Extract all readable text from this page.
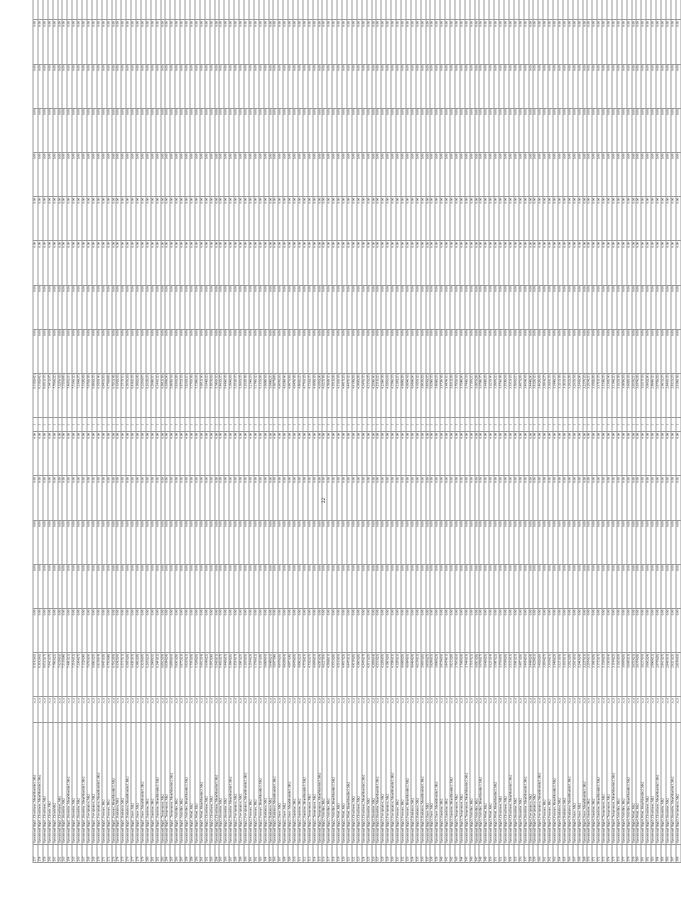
257	Operational High1_Cloudiness_MeanMonthly3_Mk2	.x_x	8.3182(42)	0.00	0.00	0.00	0.00	0.00	1	8.3182(42)	0.00	0.00	0.00	0.00	0.00	0.00	0.00	0.00	
258	Operational High1_Cloudiness_MeanMonthly3_Mk2	.x_x	8.3182(42)	0.00	0.00	0.00	0.00	0.00	1	8.3182(42)	0.00	0.00	0.00	0.00	0.00	0.00	0.00	0.00	
259	Operational High1_Cloudiness_Mk2	.x_x	8.0512(17)	0.00	0.00	0.00	0.00	0.00	1	8.0512(17)	0.00	0.00	0.00	0.00	0.00	0.00	0.00	0.00	
260	Operational High1_Clouds_Mk2	.x_x	7.9411(37)	0.00	0.00	0.00	0.00	0.00	1	7.9411(37)	0.00	0.00	0.00	0.00	0.00	0.00	0.00	0.00	
261	Operational High1_CloudsMk2	.x_x	7.7803(22)	0.00	0.00	0.00	0.00	0.00	1	7.7803(22)	0.00	0.00	0.00	0.00	0.00	0.00	0.00	0.00	
262	Operational High1_Cloudiness_Mk2	.x_x	7.6219(16)	0.00	0.00	0.00	0.00	0.00	1	7.6219(16)	0.00	0.00	0.00	0.00	0.00	0.00	0.00	0.00	
263	Operational High1_Humidity_Mk2	.x_x	7.5110(08)	0.00	0.00	0.00	0.00	0.00	1	7.5110(08)	0.00	0.00	0.00	0.00	0.00	0.00	0.00	0.00	
264	Operational High1_Humidity_MeanMonthly3_Mk2	.x_x	7.4081(21)	0.00	0.00	0.00	0.00	0.00	1	7.4081(21)	0.00	0.00	0.00	0.00	0.00	0.00	0.00	0.00	
265	Operational High1_Humidity_Mk2	.x_x	7.3166(12)	0.00	0.00	0.00	0.00	0.00	1	7.3166(12)	0.00	0.00	0.00	0.00	0.00	0.00	0.00	0.00	
266	Operational High1_Humidity_Mk2	.x_x	7.2304(27)	0.00	0.00	0.00	0.00	0.00	1	7.2304(27)	0.00	0.00	0.00	0.00	0.00	0.00	0.00	0.00	
267	Operational High1_Humidity_MeanMonthly3_Mk2	.x_x	7.1528(30)	0.00	0.00	0.00	0.00	0.00	1	7.1528(30)	0.00	0.00	0.00	0.00	0.00	0.00	0.00	0.00	
268	Operational High1_Precipitation_Mk2	.x_x	7.0793(19)	0.00	0.00	0.00	0.00	0.00	1	7.0793(19)	0.00	0.00	0.00	0.00	0.00	0.00	0.00	0.00	
269	Operational High1_Precipitation_Mk2	.x_x	6.9902(25)	0.00	0.00	0.00	0.00	0.00	1	6.9902(25)	0.00	0.00	0.00	0.00	0.00	0.00	0.00	0.00	
270	Operational High1_Precipitation_MeanMonthly3_Mk2	.x_x	6.9118(14)	0.00	0.00	0.00	0.00	0.00	1	6.9118(14)	0.00	0.00	0.00	0.00	0.00	0.00	0.00	0.00	
271	Operational High1_Pressure_Mk2	.x_x	6.8451(33)	0.00	0.00	0.00	0.00	0.00	1	6.8451(33)	0.00	0.00	0.00	0.00	0.00	0.00	0.00	0.00	
272	Operational High1_Pressure_Mk2	.x_x	6.7703(09)	0.00	0.00	0.00	0.00	0.00	1	6.7703(09)	0.00	0.00	0.00	0.00	0.00	0.00	0.00	0.00	
273	Operational High1_Pressure_MeanMonthly3_Mk2	.x_x	6.7012(18)	0.00	0.00	0.00	0.00	0.00	1	6.7012(18)	0.00	0.00	0.00	0.00	0.00	0.00	0.00	0.00	
274	Operational High1_Radiation_Mk2	.x_x	6.6342(26)	0.00	0.00	0.00	0.00	0.00	1	6.6342(26)	0.00	0.00	0.00	0.00	0.00	0.00	0.00	0.00	
275	Operational High1_Radiation_Mk2	.x_x	6.5717(11)	0.00	0.00	0.00	0.00	0.00	1	6.5717(11)	0.00	0.00	0.00	0.00	0.00	0.00	0.00	0.00	
276	Operational High1_Radiation_MeanMonthly3_Mk2	.x_x	6.5055(20)	0.00	0.00	0.00	0.00	0.00	1	6.5055(20)	0.00	0.00	0.00	0.00	0.00	0.00	0.00	0.00	
277	Operational High1_Snow_Mk2	.x_x	6.4391(15)	0.00	0.00	0.00	0.00	0.00	1	6.4391(15)	0.00	0.00	0.00	0.00	0.00	0.00	0.00	0.00	
278	Operational High1_Snow_Mk2	.x_x	6.3802(28)	0.00	0.00	0.00	0.00	0.00	1	6.3802(28)	0.00	0.00	0.00	0.00	0.00	0.00	0.00	0.00	
279	Operational High1_Snow_MeanMonthly3_Mk2	.x_x	6.3210(07)	0.00	0.00	0.00	0.00	0.00	1	6.3210(07)	0.00	0.00	0.00	0.00	0.00	0.00	0.00	0.00	
280	Operational High1_Sunshine_Mk2	.x_x	6.2633(23)	0.00	0.00	0.00	0.00	0.00	1	6.2633(23)	0.00	0.00	0.00	0.00	0.00	0.00	0.00	0.00	
281	Operational High1_Sunshine_Mk2	.x_x	6.2008(31)	0.00	0.00	0.00	0.00	0.00	1	6.2008(31)	0.00	0.00	0.00	0.00	0.00	0.00	0.00	0.00	
282	Operational High1_Sunshine_MeanMonthly3_Mk2	.x_x	6.1441(12)	0.00	0.00	0.00	0.00	0.00	1	6.1441(12)	0.00	0.00	0.00	0.00	0.00	0.00	0.00	0.00	
283	Operational High1_Temperature_Mk2	.x_x	6.0912(19)	0.00	0.00	0.00	0.00	0.00	1	6.0912(19)	0.00	0.00	0.00	0.00	0.00	0.00	0.00	0.00	
284	Operational High1_Temperature_Mk2	.x_x	6.0384(24)	0.00	0.00	0.00	0.00	0.00	1	6.0384(24)	0.00	0.00	0.00	0.00	0.00	0.00	0.00	0.00	
285	Operational High1_Temperature_MeanMonthly3_Mk2	.x_x	5.9850(16)	0.00	0.00	0.00	0.00	0.00	1	5.9850(16)	0.00	0.00	0.00	0.00	0.00	0.00	0.00	0.00	
286	Operational High1_Visibility_Mk2	.x_x	5.9301(29)	0.00	0.00	0.00	0.00	0.00	1	5.9301(29)	0.00	0.00	0.00	0.00	0.00	0.00	0.00	0.00	
287	Operational High1_Visibility_Mk2	.x_x	5.8772(13)	0.00	0.00	0.00	0.00	0.00	1	5.8772(13)	0.00	0.00	0.00	0.00	0.00	0.00	0.00	0.00	
288	Operational High1_Visibility_MeanMonthly3_Mk2	.x_x	5.8265(21)	0.00	0.00	0.00	0.00	0.00	1	5.8265(21)	0.00	0.00	0.00	0.00	0.00	0.00	0.00	0.00	
289	Operational High1_Wind_Mk2	.x_x	5.7781(18)	0.00	0.00	0.00	0.00	0.00	1	5.7781(18)	0.00	0.00	0.00	0.00	0.00	0.00	0.00	0.00	
290	Operational High1_Wind_Mk2	.x_x	5.7299(26)	0.00	0.00	0.00	0.00	0.00	1	5.7299(26)	0.00	0.00	0.00	0.00	0.00	0.00	0.00	0.00	
291	Operational High1_Wind_MeanMonthly3_Mk2	.x_x	5.6812(14)	0.00	0.00	0.00	0.00	0.00	1	5.6812(14)	0.00	0.00	0.00	0.00	0.00	0.00	0.00	0.00	
292	Operational High2_Cloudiness_Mk2	.x_x	5.6340(22)	0.00	0.00	0.00	0.00	0.00	1	5.6340(22)	0.00	0.00	0.00	0.00	0.00	0.00	0.00	0.00	
293	Operational High2_Cloudiness_Mk2	.x_x	5.5873(30)	0.00	0.00	0.00	0.00	0.00	1	5.5873(30)	0.00	0.00	0.00	0.00	0.00	0.00	0.00	0.00	
294	Operational High2_Cloudiness_MeanMonthly3_Mk2	.x_x	5.5401(11)	0.00	0.00	0.00	0.00	0.00	1	5.5401(11)	0.00	0.00	0.00	0.00	0.00	0.00	0.00	0.00	
295	Operational High2_Humidity_Mk2	.x_x	5.4932(27)	0.00	0.00	0.00	0.00	0.00	1	5.4932(27)	0.00	0.00	0.00	0.00	0.00	0.00	0.00	0.00	
296	Operational High2_Humidity_Mk2	.x_x	5.4460(15)	0.00	0.00	0.00	0.00	0.00	1	5.4460(15)	0.00	0.00	0.00	0.00	0.00	0.00	0.00	0.00	
297	Operational High2_Humidity_MeanMonthly3_Mk2	.x_x	5.3994(20)	0.00	0.00	0.00	0.00	0.00	1	5.3994(20)	0.00	0.00	0.00	0.00	0.00	0.00	0.00	0.00	
298	Operational High2_Precipitation_Mk2	.x_x	5.3533(17)	0.00	0.00	0.00	0.00	0.00	1	5.3533(17)	0.00	0.00	0.00	0.00	0.00	0.00	0.00	0.00	
299	Operational High2_Precipitation_Mk2	.x_x	5.3081(25)	0.00	0.00	0.00	0.00	0.00	1	5.3081(25)	0.00	0.00	0.00	0.00	0.00	0.00	0.00	0.00	
300	Operational High2_Precipitation_MeanMonthly3_Mk2	.x_x	5.2635(19)	0.00	0.00	0.00	0.00	0.00	1	5.2635(19)	0.00	0.00	0.00	0.00	0.00	0.00	0.00	0.00	
301	Operational High2_Pressure_Mk2	.x_x	5.2194(23)	0.00	0.00	0.00	0.00	0.00	1	5.2194(23)	0.00	0.00	0.00	0.00	0.00	0.00	0.00	0.00	
302	Operational High2_Pressure_Mk2	.x_x	5.1760(12)	0.00	0.00	0.00	0.00	0.00	1	5.1760(12)	0.00	0.00	0.00	0.00	0.00	0.00	0.00	0.00	
303	Operational High2_Pressure_MeanMonthly3_Mk2	.x_x	5.1331(28)	0.00	0.00	0.00	0.00	0.00	1	5.1331(28)	0.00	0.00	0.00	0.00	0.00	0.00	0.00	0.00	
304	Operational High2_Radiation_Mk2	.x_x	5.0908(16)	0.00	0.00	0.00	0.00	0.00	1	5.0908(16)	0.00	0.00	0.00	0.00	0.00	0.00	0.00	0.00	
305	Operational High2_Radiation_Mk2	.x_x	5.0490(21)	0.00	0.00	0.00	0.00	0.00	1	5.0490(21)	0.00	0.00	0.00	0.00	0.00	0.00	0.00	0.00	
306	Operational High2_Radiation_MeanMonthly3_Mk2	.x_x	5.0077(09)	0.00	0.00	0.00	0.00	0.00	1	5.0077(09)	0.00	0.00	0.00	0.00	0.00	0.00	0.00	0.00	
307	Operational High2_Snow_Mk2	.x_x	4.9670(26)	0.00	0.00	0.00	0.00	0.00	1	4.9670(26)	0.00	0.00	0.00	0.00	0.00	0.00	0.00	0.00	
308	Operational High2_Snow_Mk2	.x_x	4.9268(14)	0.00	0.00	0.00	0.00	0.00	1	4.9268(14)	0.00	0.00	0.00	0.00	0.00	0.00	0.00	0.00	
309	Operational High2_Snow_MeanMonthly3_Mk2	.x_x	4.8871(30)	0.00	0.00	0.00	0.00	0.00	1	4.8871(30)	0.00	0.00	0.00	0.00	0.00	0.00	0.00	0.00	
310	Operational High2_Sunshine_Mk2	.x_x	4.8479(18)	0.00	0.00	0.00	0.00	0.00	1	4.8479(18)	0.00	0.00	0.00	0.00	0.00	0.00	0.00	0.00	
311	Operational High2_Sunshine_Mk2	.x_x	4.8092(22)	0.00	0.00	0.00	0.00	0.00	1	4.8092(22)	0.00	0.00	0.00	0.00	0.00	0.00	0.00	0.00	
312	Operational High2_Sunshine_MeanMonthly3_Mk2	.x_x	4.7710(13)	0.00	0.00	0.00	0.00	0.00	1	4.7710(13)	0.00	0.00	0.00	0.00	0.00	0.00	0.00	0.00	
313	Operational High2_Temperature_Mk2	.x_x	4.7332(27)	0.00	0.00	0.00	0.00	0.00	1	4.7332(27)	0.00	0.00	0.00	0.00	0.00	0.00	0.00	0.00	
314	Operational High2_Temperature_Mk2	.x_x	4.6959(15)	0.00	0.00	0.00	0.00	0.00	1	4.6959(15)	0.00	0.00	0.00	0.00	0.00	0.00	0.00	0.00	
315	Operational High2_Temperature_MeanMonthly3_Mk2	.x_x	4.6591(24)	0.00	0.00	0.00	0.00	0.00	1	4.6591(24)	0.00	0.00	0.00	0.00	0.00	0.00	0.00	0.00	
316	Operational High2_Visibility_Mk2	.x_x	4.6227(19)	0.00	0.00	0.00	0.00	0.00	1	4.6227(19)	0.00	0.00	0.00	0.00	0.00	0.00	0.00	0.00	
317	Operational High2_Visibility_Mk2	.x_x	4.5868(11)	0.00	0.00	0.00	0.00	0.00	1	4.5868(11)	0.00	0.00	0.00	0.00	0.00	0.00	0.00	0.00	
318	Operational High2_Visibility_MeanMonthly3_Mk2	.x_x	4.5513(29)	0.00	0.00	0.00	0.00	0.00	1	4.5513(29)	0.00	0.00	0.00	0.00	0.00	0.00	0.00	0.00	
319	Operational High2_Wind_Mk2	.x_x	4.5163(16)	0.00	0.00	0.00	0.00	0.00	1	4.5163(16)	0.00	0.00	0.00	0.00	0.00	0.00	0.00	0.00	
320	Operational High2_Wind_Mk2	.x_x	4.4817(23)	0.00	0.00	0.00	0.00	0.00	1	4.4817(23)	0.00	0.00	0.00	0.00	0.00	0.00	0.00	0.00	
321	Operational High2_Wind_MeanMonthly3_Mk2	.x_x	4.4475(12)	0.00	0.00	0.00	0.00	0.00	1	4.4475(12)	0.00	0.00	0.00	0.00	0.00	0.00	0.00	0.00	
322	Operational High3_Cloudiness_Mk2	.x_x	4.4138(20)	0.00	0.00	0.00	0.00	0.00	1	4.4138(20)	0.00	0.00	0.00	0.00	0.00	0.00	0.00	0.00	
323	Operational High3_Cloudiness_Mk2	.x_x	4.3805(28)	0.00	0.00	0.00	0.00	0.00	1	4.3805(28)	0.00	0.00	0.00	0.00	0.00	0.00	0.00	0.00	
324	Operational High3_Cloudiness_MeanMonthly3_Mk2	.x_x	4.3476(17)	0.00	0.00	0.00	0.00	0.00	1	4.3476(17)	0.00	0.00	0.00	0.00	0.00	0.00	0.00	0.00	
325	Operational High3_Humidity_Mk2	.x_x	4.3151(25)	0.00	0.00	0.00	0.00	0.00	1	4.3151(25)	0.00	0.00	0.00	0.00	0.00	0.00	0.00	0.00	
326	Operational High3_Humidity_Mk2	.x_x	4.2830(14)	0.00	0.00	0.00	0.00	0.00	1	4.2830(14)	0.00	0.00	0.00	0.00	0.00	0.00	0.00	0.00	
327	Operational High3_Humidity_MeanMonthly3_Mk2	.x_x	4.2513(22)	0.00	0.00	0.00	0.00	0.00	1	4.2513(22)	0.00	0.00	0.00	0.00	0.00	0.00	0.00	0.00	
328	Operational High3_Precipitation_Mk2	.x_x	4.2200(18)	0.00	0.00	0.00	0.00	0.00	1	4.2200(18)	0.00	0.00	0.00	0.00	0.00	0.00	0.00	0.00	
329	Operational High3_Precipitation_Mk2	.x_x	4.1891(26)	0.00	0.00	0.00	0.00	0.00	1	4.1891(26)	0.00	0.00	0.00	0.00	0.00	0.00	0.00	0.00	
330	Operational High3_Precipitation_MeanMonthly3_Mk2	.x_x	4.1586(13)	0.00	0.00	0.00	0.00	0.00	1	4.1586(13)	0.00	0.00	0.00	0.00	0.00	0.00	0.00	0.00	
331	Operational High3_Pressure_Mk2	.x_x	4.1285(21)	0.00	0.00	0.00	0.00	0.00	1	4.1285(21)	0.00	0.00	0.00	0.00	0.00	0.00	0.00	0.00	
332	Operational High3_Pressure_Mk2	.x_x	4.0988(29)	0.00	0.00	0.00	0.00	0.00	1	4.0988(29)	0.00	0.00	0.00	0.00	0.00	0.00	0.00	0.00	
333	Operational High3_Pressure_MeanMonthly3_Mk2	.x_x	4.0694(16)	0.00	0.00	0.00	0.00	0.00	1	4.0694(16)	0.00	0.00	0.00	0.00	0.00	0.00	0.00	0.00	
334	Operational High3_Radiation_Mk2	.x_x	4.0404(24)	0.00	0.00	0.00	0.00	0.00	1	4.0404(24)	0.00	0.00	0.00	0.00	0.00	0.00	0.00	0.00	
335	Operational High3_Radiation_Mk2	.x_x	4.0118(12)	0.00	0.00	0.00	0.00	0.00	1	4.0118(12)	0.00	0.00	0.00	0.00	0.00	0.00	0.00	0.00	
336	Operational High3_Radiation_MeanMonthly3_Mk2	.x_x	3.9835(20)	0.00	0.00	0.00	0.00	0.00	1	3.9835(20)	0.00	0.00	0.00	0.00	0.00	0.00	0.00	0.00	
337	Operational High3_Snow_Mk2	.x_x	3.9556(27)	0.00	0.00	0.00	0.00	0.00	1	3.9556(27)	0.00	0.00	0.00	0.00	0.00	0.00	0.00	0.00	
338	Operational High3_Snow_Mk2	.x_x	3.9280(15)	0.00	0.00	0.00	0.00	0.00	1	3.9280(15)	0.00	0.00	0.00	0.00	0.00	0.00	0.00	0.00	
339	Operational High3_Snow_MeanMonthly3_Mk2	.x_x	3.9008(23)	0.00	0.00	0.00	0.00	0.00	1	3.9008(23)	0.00	0.00	0.00	0.00	0.00	0.00	0.00	0.00	
340	Operational High3_Sunshine_Mk2	.x_x	3.8739(19)	0.00	0.00	0.00	0.00	0.00	1	3.8739(19)	0.00	0.00	0.00	0.00	0.00	0.00	0.00	0.00	
341	Operational High3_Sunshine_Mk2	.x_x	3.8474(11)	0.00	0.00	0.00	0.00	0.00	1	3.8474(11)	0.00	0.00	0.00	0.00	0.00	0.00	0.00	0.00	
342	Operational High3_Sunshine_MeanMonthly3_Mk2	.x_x	3.8212(28)	0.00	0.00	0.00	0.00	0.00	1	3.8212(28)	0.00	0.00	0.00	0.00	0.00	0.00	0.00	0.00	
343	Operational High3_Temperature_Mk2	.x_x	3.7953(16)	0.00	0.00	0.00	0.00	0.00	1	3.7953(16)	0.00	0.00	0.00	0.00	0.00	0.00	0.00	0.00	
344	Operational High3_Temperature_Mk2	.x_x	3.7698(24)	0.00	0.00	0.00	0.00	0.00	1	3.7698(24)	0.00	0.00	0.00	0.00	0.00	0.00	0.00	0.00	
345	Operational High3_Temperature_MeanMonthly3_Mk2	.x_x	3.7446(13)	0.00	0.00	0.00	0.00	0.00	1	3.7446(13)	0.00	0.00	0.00	0.00	0.00	0.00	0.00	0.00	
346	Operational High3_Visibility_Mk2	.x_x	3.7197(21)	0.00	0.00	0.00	0.00	0.00	1	3.7197(21)	0.00	0.00	0.00	0.00	0.00	0.00	0.00	0.00	
347	Operational High3_Visibility_Mk2	.x_x	3.6951(29)	0.00	0.00	0.00	0.00	0.00	1	3.6951(29)	0.00	0.00	0.00	0.00	0.00	0.00	0.00	0.00	
348	Operational High3_Visibility_MeanMonthly3_Mk2	.x_x	3.6708(17)	0.00	0.00	0.00	0.00	0.00	1	3.6708(17)	0.00	0.00	0.00	0.00	0.00	0.00	0.00	0.00	
349	Operational High3_Wind_Mk2	.x_x	3.6468(25)	0.00	0.00	0.00	0.00	0.00	1	3.6468(25)	0.00	0.00	0.00	0.00	0.00	0.00	0.00	0.00	
350	Operational High3_Wind_Mk2	.x_x	3.6231(14)	0.00	0.00	0.00	0.00	0.00	1	3.6231(14)	0.00	0.00	0.00	0.00	0.00	0.00	0.00	0.00	
351	Operational High3_Wind_MeanMonthly3_Mk2	.x_x	3.5997(22)	0.00	0.00	0.00	0.00	0.00	1	3.5997(22)	0.00	0.00	0.00	0.00	0.00	0.00	0.00	0.00	
352	Operational High4_Cloudiness_Mk2	.x_x	3.5766(18)	0.00	0.00	0.00	0.00	0.00	1	3.5766(18)	0.00	0.00	0.00	0.00	0.00	0.00	0.00	0.00	
353	Operational High4_Cloudiness_Mk2	.x_x	3.5538(26)	0.00	0.00	0.00	0.00	0.00	1	3.5538(26)	0.00	0.00	0.00	0.00	0.00	0.00	0.00	0.00	
354	Operational High4_Cloudiness_MeanMonthly3_Mk2	.x_x	3.5313(13)	0.00	0.00	0.00	0.00	0.00	1	3.5313(13)	0.00	0.00	0.00	0.00	0.00	0.00	0.00	0.00	
355	Operational High4_Humidity_Mk2	.x_x	3.5091(21)	0.00	0.00	0.00	0.00	0.00	1	3.5091(21)	0.00	0.00	0.00	0.00	0.00	0.00	0.00	0.00	
356	Operational High4_Humidity_Mk2	.x_x	3.4871(29)	0.00	0.00	0.00	0.00	0.00	1	3.4871(29)	0.00	0.00	0.00	0.00	0.00	0.00	0.00	0.00	
357	Operational High4_Humidity_MeanMonthly3_Mk2	.x_x	3.4654(16)	0.00	0.00	0.00	0.00	0.00	1	3.4654(16)	0.00	0.00	0.00	0.00	0.00	0.00	0.00	0.00	
358	Operational High4_Precipitation_Mk2	.x_x	3.4440(24)	0.00	0.00	0.00	0.00	0.00	1	3.4440(24)	0.00	0.00	0.00	0.00	0.00	0.00	0.00	0.00	
359	Operational High4_Precipitation_Mk2	.x_x	3.4229(12)	0.00	0.00	0.00	0.00	0.00	1	3.4229(12)	0.00	0.00	0.00	0.00	0.00	0.00	0.00	0.00	
360	Operational High4_Precipitation_MeanMonthly3_Mk2	.x_x	3.4020(20)	0.00	0.00	0.00	0.00	0.00	1	3.4020(20)	0.00	0.00	0.00	0.00	0.00	0.00	0.00	0.00	
361	Operational High4_Pressure_Mk2	.x_x	3.3814(27)	0.00	0.00	0.00	0.00	0.00	1	3.3814(27)	0.00	0.00	0.00	0.00	0.00	0.00	0.00	0.00	
362	Operational High4_Pressure_Mk2	.x_x	3.3610(15)	0.00	0.00	0.00	0.00	0.00	1	3.3610(15)	0.00	0.00	0.00	0.00	0.00	0.00	0.00	0.00	
363	Operational High4_Pressure_MeanMonthly3_Mk2	.x_x	3.3409(23)	0.00	0.00	0.00	0.00	0.00	1	3.3409(23)	0.00	0.00	0.00	0.00	0.00	0.00	0.00	0.00	
364	Operational High4_Radiation_Mk2	.x_x	3.3211(19)	0.00	0.00	0.00	0.00	0.00	1	3.3211(19)	0.00	0.00	0.00	0.00	0.00	0.00	0.00	0.00	
365	Operational High4_Radiation_Mk2	.x_x	3.3015(11)	0.00	0.00	0.00	0.00	0.00	1	3.3015(11)	0.00	0.00	0.00	0.00	0.00	0.00	0.00	0.00	
366	Operational High4_Radiation_MeanMonthly3_Mk2	.x_x	3.2822(28)	0.00	0.00	0.00	0.00	0.00	1	3.2822(28)	0.00	0.00	0.00	0.00	0.00	0.00	0.00	0.00	
367	Operational High4_Snow_Mk2	.x_x	3.2631(16)	0.00	0.00	0.00	0.00	0.00	1	3.2631(16)	0.00	0.00	0.00	0.00	0.00	0.00	0.00	0.00	
368	Operational High4_Snow_Mk2	.x_x	3.2443(24)	0.00	0.00	0.00	0.00	0.00	1	3.2443(24)	0.00	0.00	0.00	0.00	0.00	0.00	0.00	0.00	
369	Operational High4_Snow_MeanMonthly3_Mk2	.x_x	3.2257(13)	0.00	0.00	0.00	0.00	0.00	1	3.2257(13)	0.00	0.00	0.00	0.00	0.00	0.00	0.00	0.00	
370	Operational High4_Sunshine_Mk2	.x_x	3.2074(21)	0.00	0.00	0.00	0.00	0.00	1	3.2074(21)	0.00	0.00	0.00	0.00	0.00	0.00	0.00	0.00	
371	Operational High4_Sunshine_Mk2	.x_x	3.1893(29)	0.00	0.00	0.00	0.00	0.00	1	3.1893(29)	0.00	0.00	0.00	0.00	0.00	0.00	0.00	0.00	
372	Operational High4_Sunshine_MeanMonthly3_Mk2	.x_x	3.1715(17)	0.00	0.00	0.00	0.00	0.00	1	3.1715(17)	0.00	0.00	0.00	0.00	0.00	0.00	0.00	0.00	
373	Operational High4_Temperature_Mk2	.x_x	3.1539(25)	0.00	0.00	0.00	0.00	0.00	1	3.1539(25)	0.00	0.00	0.00	0.00	0.00	0.00	0.00	0.00	
374	Operational High4_Temperature_Mk2	.x_x	3.1365(14)	0.00	0.00	0.00	0.00	0.00	1	3.1365(14)	0.00	0.00	0.00	0.00	0.00	0.00	0.00	0.00	
375	Operational High4_Temperature_MeanMonthly3_Mk2	.x_x	3.1194(22)	0.00	0.00	0.00	0.00	0.00	1	3.1194(22)	0.00	0.00	0.00	0.00	0.00	0.00	0.00	0.00	
376	Operational High4_Visibility_Mk2	.x_x	3.1025(18)	0.00	0.00	0.00	0.00	0.00	1	3.1025(18)	0.00	0.00	0.00	0.00	0.00	0.00	0.00	0.00	
377	Operational High4_Visibility_Mk2	.x_x	3.0859(26)	0.00	0.00	0.00	0.00	0.00	1	3.0859(26)	0.00	0.00	0.00	0.00	0.00	0.00	0.00	0.00	
378	Operational High4_Visibility_MeanMonthly3_Mk2	.x_x	3.0695(13)	0.00	0.00	0.00	0.00	0.00	1	3.0695(13)	0.00	0.00	0.00	0.00	0.00	0.00	0.00	0.00	
379	Operational High4_Wind_Mk2	.x_x	3.0533(21)	0.00	0.00	0.00	0.00	0.00	1	3.0533(21)	0.00	0.00	0.00	0.00	0.00	0.00	0.00	0.00	
380	Operational High4_Wind_Mk2	.x_x	3.0374(29)	0.00	0.00	0.00	0.00	0.00	1	3.0374(29)	0.00	0.00	0.00	0.00	0.00	0.00	0.00	0.00	
381	Operational High4_Wind_MeanMonthly3_Mk2	.x_x	3.0217(16)	0.00	0.00	0.00	0.00	0.00	1	3.0217(16)	0.00	0.00	0.00	0.00	0.00	0.00	0.00	0.00	
382	Operational High5_Cloudiness_Mk2	.x_x	3.0062(24)	0.00	0.00	0.00	0.00	0.00	1	3.0062(24)	0.00	0.00	0.00	0.00	0.00	0.00	0.00	0.00	
383	Operational High5_Cloudiness_Mk2	.x_x	2.9909(12)	0.00	0.00	0.00	0.00	0.00	1	2.9909(12)	0.00	0.00	0.00	0.00	0.00	0.00	0.00	0.00	
384	Operational High5_Cloudiness_MeanMonthly3_Mk2	.x_x	2.9759(20)	0.00	0.00	0.00	0.00	0.00	1	2.9759(20)	0.00	0.00	0.00	0.00	0.00	0.00	0.00	0.00	
385	Operational High5_Humidity_Mk2	.x_x	2.9611(27)	0.00	0.00	0.00	0.00	0.00	1	2.9611(27)	0.00	0.00	0.00	0.00	0.00	0.00	0.00	0.00	
386	Operational High5_Humidity_Mk2	.x_x	2.9465(15)	0.00	0.00	0.00	0.00	0.00	1	2.9465(15)	0.00	0.00	0.00	0.00	0.00	0.00	0.00	0.00	
387	Operational High5_Humidity_MeanMonthly3_Mk2	.x_x	2.9321(23)	0.00	0.00	0.00	0.00	0.00	1	2.9321(23)	0.00	0.00	0.00	0.00	0.00	0.00	0.00	0.00	
388	Operational High5_Precipitation_Mk2	.x_x	2.9180(19)	0.00	0.00	0.00	0.00	0.00	1	2.9180(19)	0.00	0.00	0.00	0.00	0.00	0.00	0.00	0.00	
22
